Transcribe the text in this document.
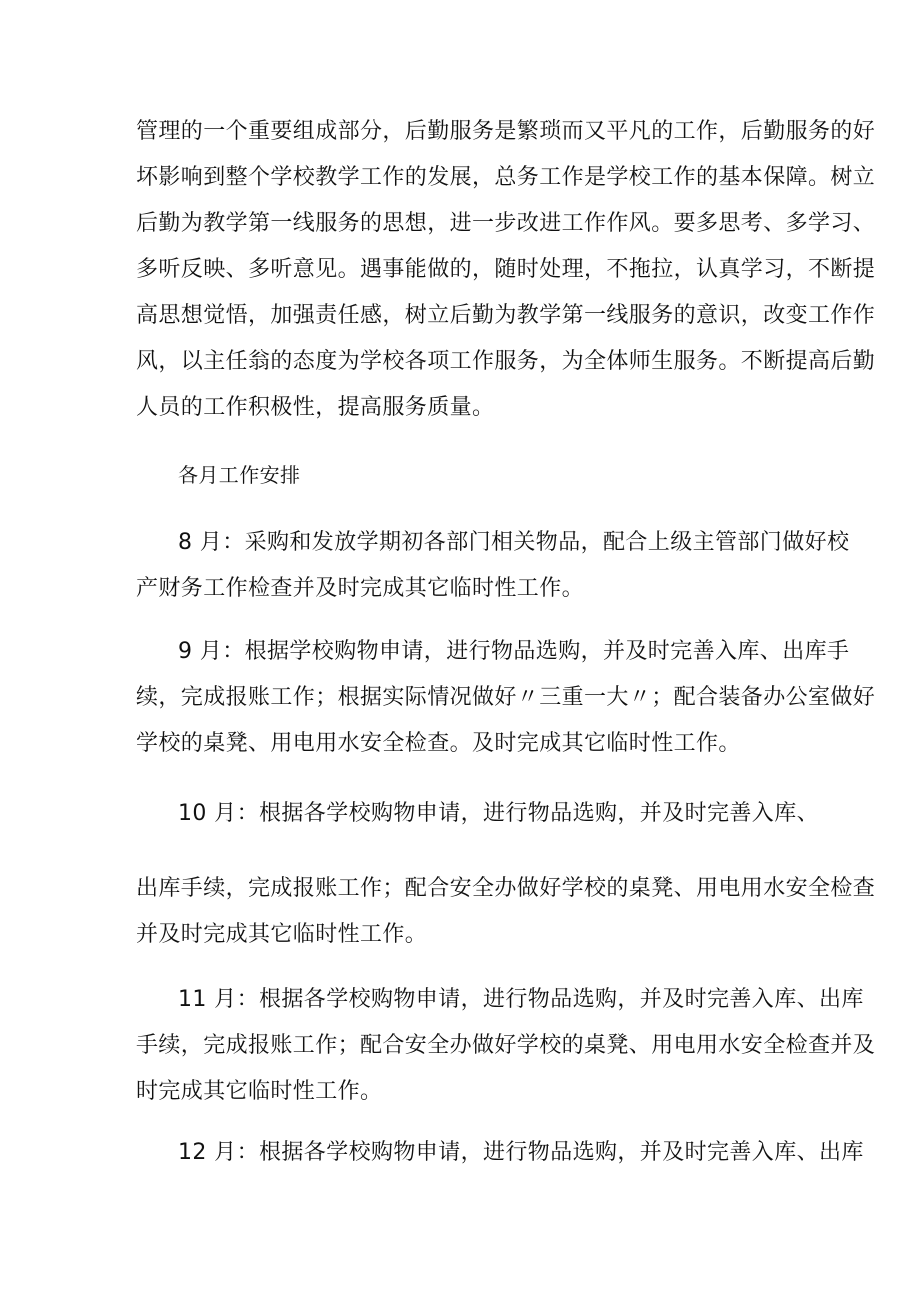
管理的一个重要组成部分，后勤服务是繁琐而又平凡的工作，后勤服务的好
坏影响到整个学校教学工作的发展，总务工作是学校工作的基本保障。树立
后勤为教学第一线服务的思想，进一步改进工作作风。要多思考、多学习、
多听反映、多听意见。遇事能做的，随时处理，不拖拉，认真学习，不断提
高思想觉悟，加强责任感，树立后勤为教学第一线服务的意识，改变工作作
风，以主任翁的态度为学校各项工作服务，为全体师生服务。不断提高后勤
人员的工作积极性，提高服务质量。
各月工作安排
8 月：采购和发放学期初各部门相关物品，配合上级主管部门做好校
产财务工作检查并及时完成其它临时性工作。
9 月：根据学校购物申请，进行物品选购，并及时完善入库、出库手
续，完成报账工作；根据实际情况做好〃三重一大〃；配合装备办公室做好
学校的桌凳、用电用水安全检查。及时完成其它临时性工作。
10 月：根据各学校购物申请，进行物品选购，并及时完善入库、
出库手续，完成报账工作；配合安全办做好学校的桌凳、用电用水安全检查
并及时完成其它临时性工作。
11 月：根据各学校购物申请，进行物品选购，并及时完善入库、出库
手续，完成报账工作；配合安全办做好学校的桌凳、用电用水安全检查并及
时完成其它临时性工作。
12 月：根据各学校购物申请，进行物品选购，并及时完善入库、出库
